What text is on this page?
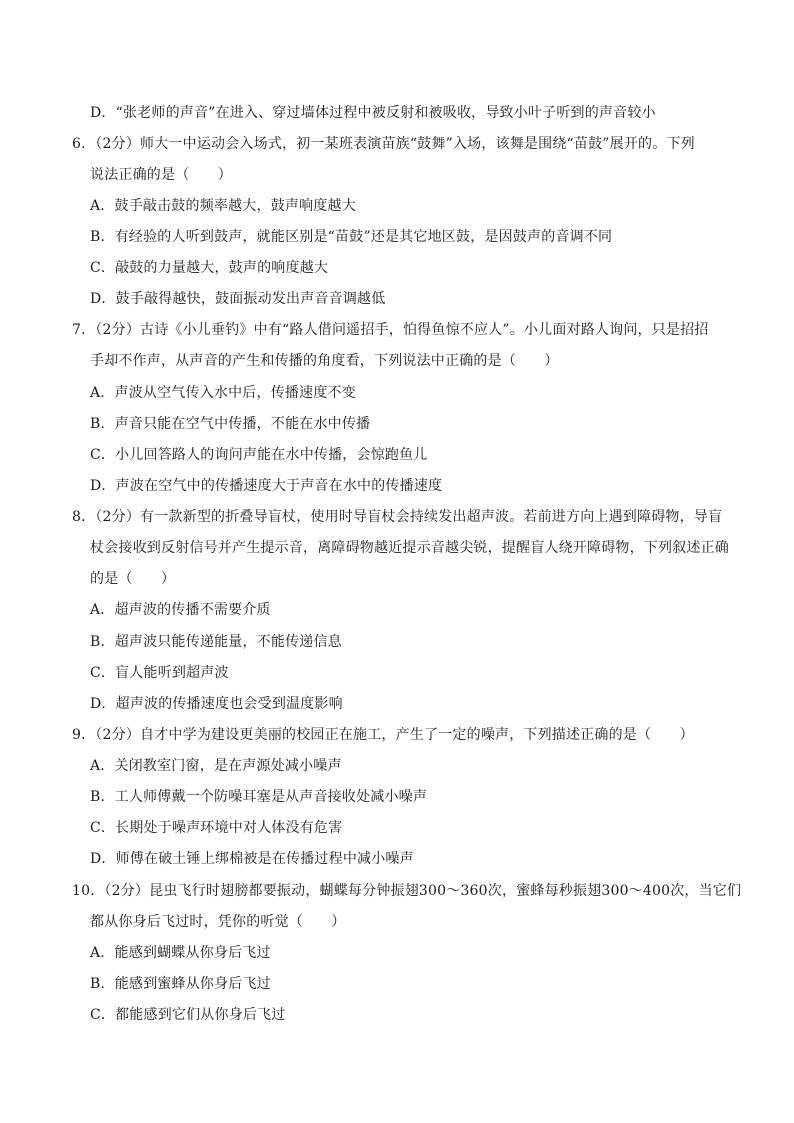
D．“张老师的声音”在进入、穿过墙体过程中被反射和被吸收，导致小叶子听到的声音较小
6．（2分）师大一中运动会入场式，初一某班表演苗族“鼓舞”入场，该舞是围绕“苗鼓”展开的。下列
说法正确的是（　　）
A．鼓手敲击鼓的频率越大，鼓声响度越大
B．有经验的人听到鼓声，就能区别是“苗鼓”还是其它地区鼓，是因鼓声的音调不同
C．敲鼓的力量越大，鼓声的响度越大
D．鼓手敲得越快，鼓面振动发出声音音调越低
7．（2分）古诗《小儿垂钓》中有“路人借问遥招手，怕得鱼惊不应人”。小儿面对路人询问，只是招招
手却不作声，从声音的产生和传播的角度看，下列说法中正确的是（　　）
A．声波从空气传入水中后，传播速度不变
B．声音只能在空气中传播，不能在水中传播
C．小儿回答路人的询问声能在水中传播，会惊跑鱼儿
D．声波在空气中的传播速度大于声音在水中的传播速度
8．（2分）有一款新型的折叠导盲杖，使用时导盲杖会持续发出超声波。若前进方向上遇到障碍物，导盲
杖会接收到反射信号并产生提示音，离障碍物越近提示音越尖锐，提醒盲人绕开障碍物，下列叙述正确
的是（　　）
A．超声波的传播不需要介质
B．超声波只能传递能量，不能传递信息
C．盲人能听到超声波
D．超声波的传播速度也会受到温度影响
9．（2分）自才中学为建设更美丽的校园正在施工，产生了一定的噪声，下列描述正确的是（　　）
A．关闭教室门窗，是在声源处减小噪声
B．工人师傅戴一个防噪耳塞是从声音接收处减小噪声
C．长期处于噪声环境中对人体没有危害
D．师傅在破土锤上绑棉被是在传播过程中减小噪声
10．（2分）昆虫飞行时翅膀都要振动，蝴蝶每分钟振翅300～360次，蜜蜂每秒振翅300～400次，当它们
都从你身后飞过时，凭你的听觉（　　）
A．能感到蝴蝶从你身后飞过
B．能感到蜜蜂从你身后飞过
C．都能感到它们从你身后飞过
